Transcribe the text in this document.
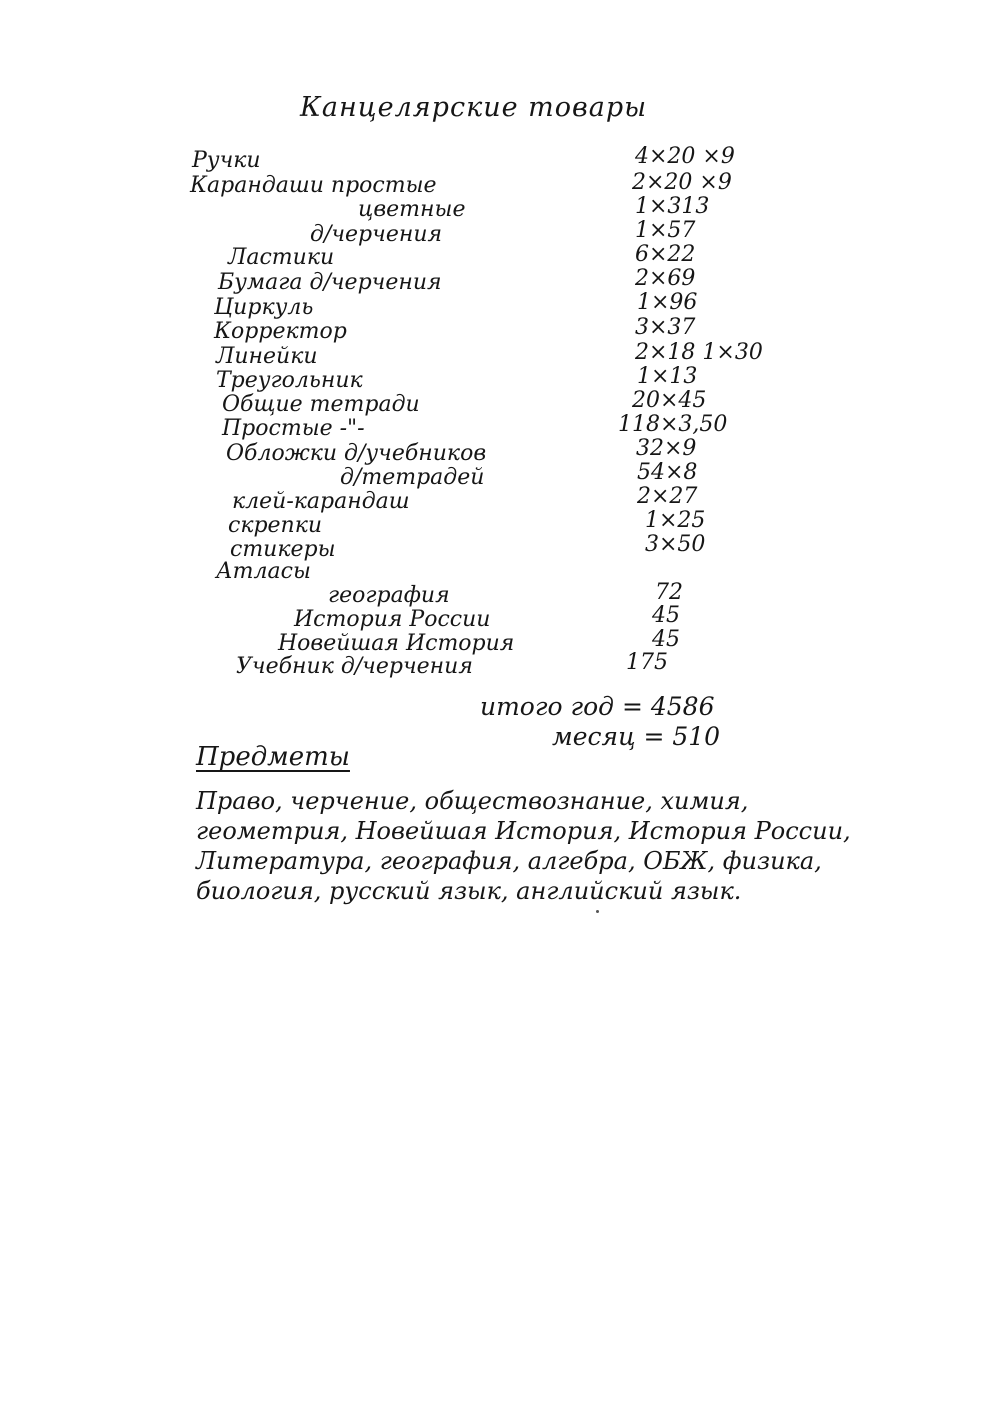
Канцелярские товары
Ручки	4×20 ×9
Карандаши простые	2×20 ×9
цветные	1×313
д/черчения	1×57
Ластики	6×22
Бумага д/черчения	2×69
Циркуль	1×96
Корректор	3×37
Линейки	2×18 1×30
Треугольник	1×13
Общие тетради	20×45
Простые -"-	118×3,50
Обложки д/учебников	32×9
д/тетрадей	54×8
клей-карандаш	2×27
скрепки	1×25
стикеры	3×50
Атласы
география	72
История России	45
Новейшая История	45
Учебник д/черчения	175
итого год = 4586
месяц = 510
Предметы
Право, черчение, обществознание, химия, геометрия, Новейшая История, История России, Литература, география, алгебра, ОБЖ, физика, биология, русский язык, английский язык.
